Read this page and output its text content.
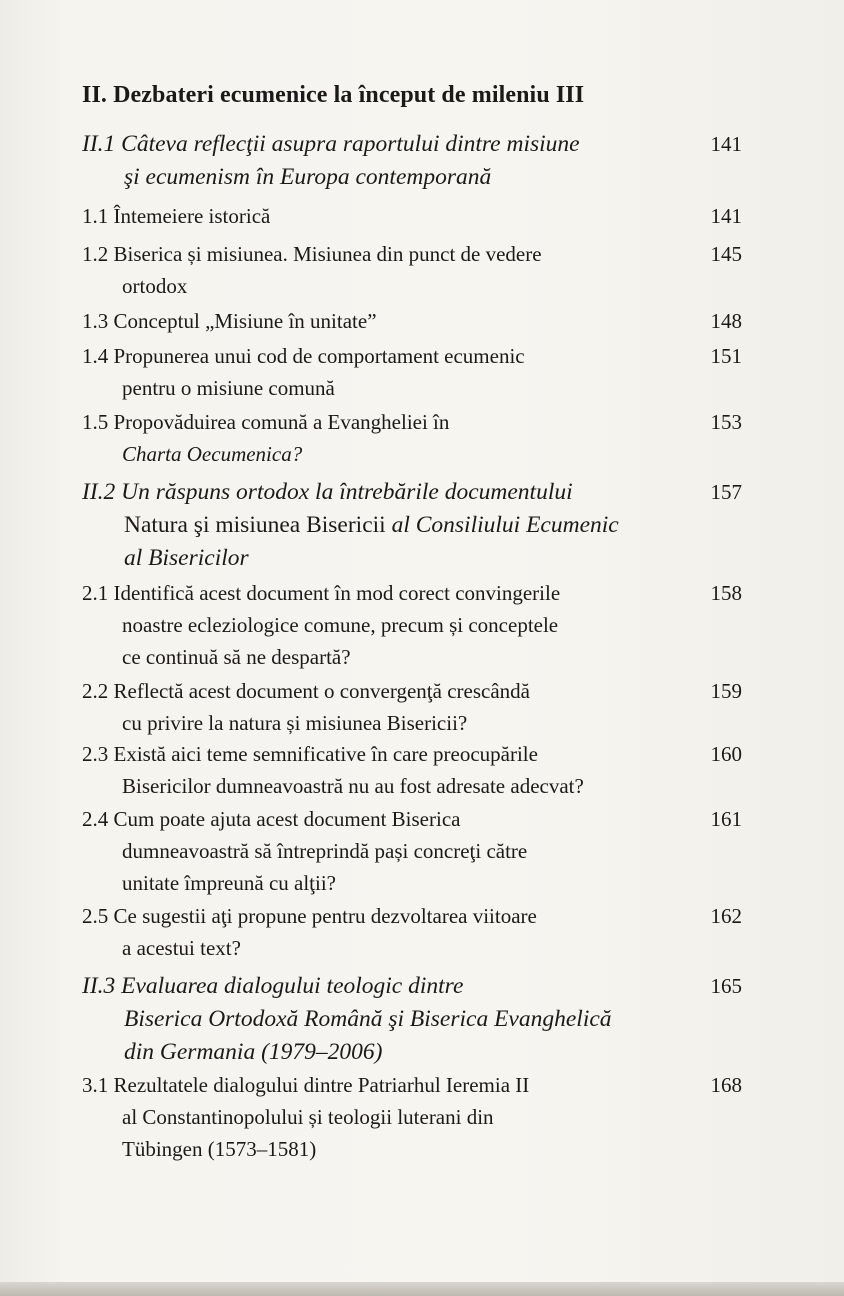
II. Dezbateri ecumenice la început de mileniu III
II.1 Câteva reflecţii asupra raportului dintre misiune
şi ecumenism în Europa contemporană
141
1.1 Întemeiere istorică	141
1.2 Biserica și misiunea. Misiunea din punct de vedere
ortodox
145
1.3 Conceptul „Misiune în unitate”	148
1.4 Propunerea unui cod de comportament ecumenic
pentru o misiune comună
151
1.5 Propovăduirea comună a Evangheliei în
Charta Oecumenica?
153
II.2 Un răspuns ortodox la întrebările documentului
Natura şi misiunea Bisericii al Consiliului Ecumenic
al Bisericilor
157
2.1 Identifică acest document în mod corect convingerile
noastre ecleziologice comune, precum și conceptele
ce continuă să ne despartă?
158
2.2 Reflectă acest document o convergenţă crescândă
cu privire la natura și misiunea Bisericii?
159
2.3 Există aici teme semnificative în care preocupările
Bisericilor dumneavoastră nu au fost adresate adecvat?
160
2.4 Cum poate ajuta acest document Biserica
dumneavoastră să întreprindă pași concreţi către
unitate împreună cu alţii?
161
2.5 Ce sugestii aţi propune pentru dezvoltarea viitoare
a acestui text?
162
II.3 Evaluarea dialogului teologic dintre
Biserica Ortodoxă Română şi Biserica Evanghelică
din Germania (1979–2006)
165
3.1 Rezultatele dialogului dintre Patriarhul Ieremia II
al Constantinopolului și teologii luterani din
Tübingen (1573–1581)
168
